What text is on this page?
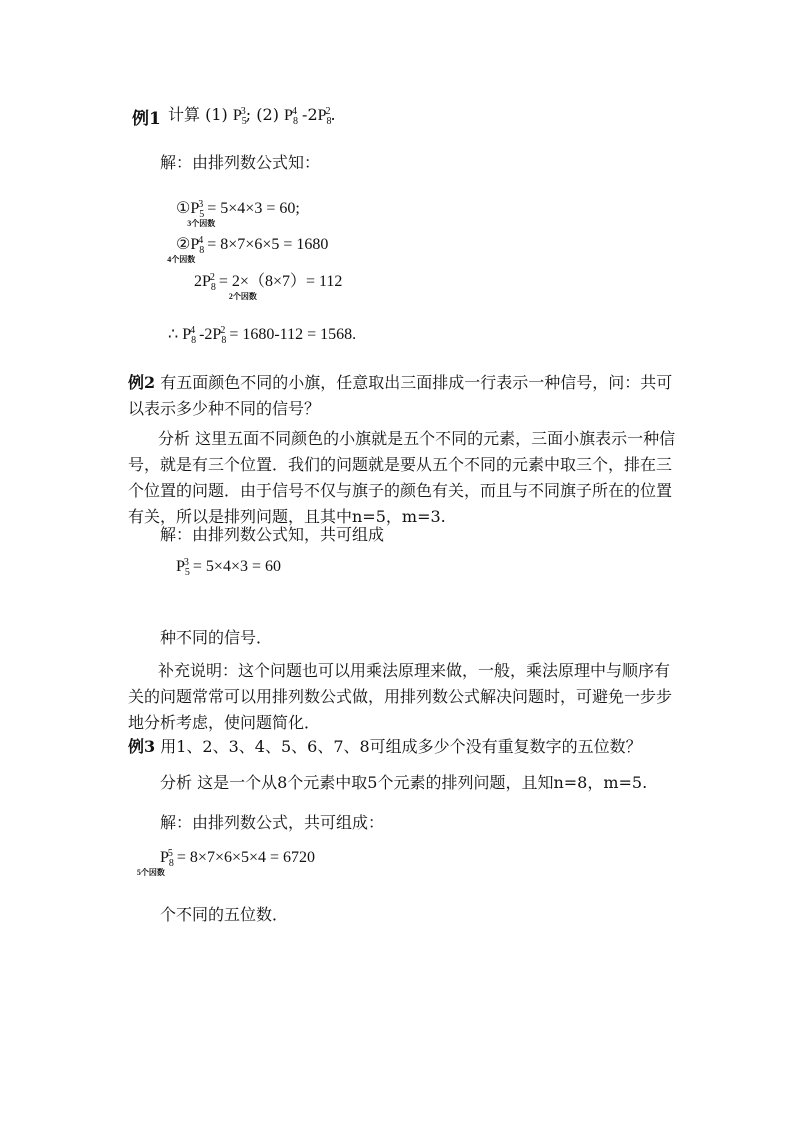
例1 计算 (1) $P_5^3$; (2) $P_8^4$ $-2P_8^2$.
解：由排列数公式知：
$①P_5^3 = 5\times 4\times 3 = 60$;
3个因数
$②P_8^4 = 8\times 7\times 6\times 5 = 1680$
4个因数
$2P_8^2 = 2\times(8\times 7)= 112$
2个因数
∴ $P_8^4$ $-2P_8^2 = 1680-112 = 1568$.
例2 有五面颜色不同的小旗，任意取出三面排成一行表示一种信号，问：共可
以表示多少种不同的信号？
分析 这里五面不同颜色的小旗就是五个不同的元素，三面小旗表示一种信
号，就是有三个位置．我们的问题就是要从五个不同的元素中取三个，排在三
个位置的问题．由于信号不仅与旗子的颜色有关，而且与不同旗子所在的位置
有关，所以是排列问题，且其中n=5，m=3.
解：由排列数公式知，共可组成
$P_5^3 = 5\times 4\times 3 = 60$
种不同的信号．
补充说明：这个问题也可以用乘法原理来做，一般，乘法原理中与顺序有
关的问题常常可以用排列数公式做，用排列数公式解决问题时，可避免一步步
地分析考虑，使问题简化．
例3 用1、2、3、4、5、6、7、8可组成多少个没有重复数字的五位数？
分析 这是一个从8个元素中取5个元素的排列问题，且知n=8，m=5.
解：由排列数公式，共可组成：
$P_8^5 = 8\times 7\times 6\times 5\times 4 = 6720$
5个因数
个不同的五位数．
